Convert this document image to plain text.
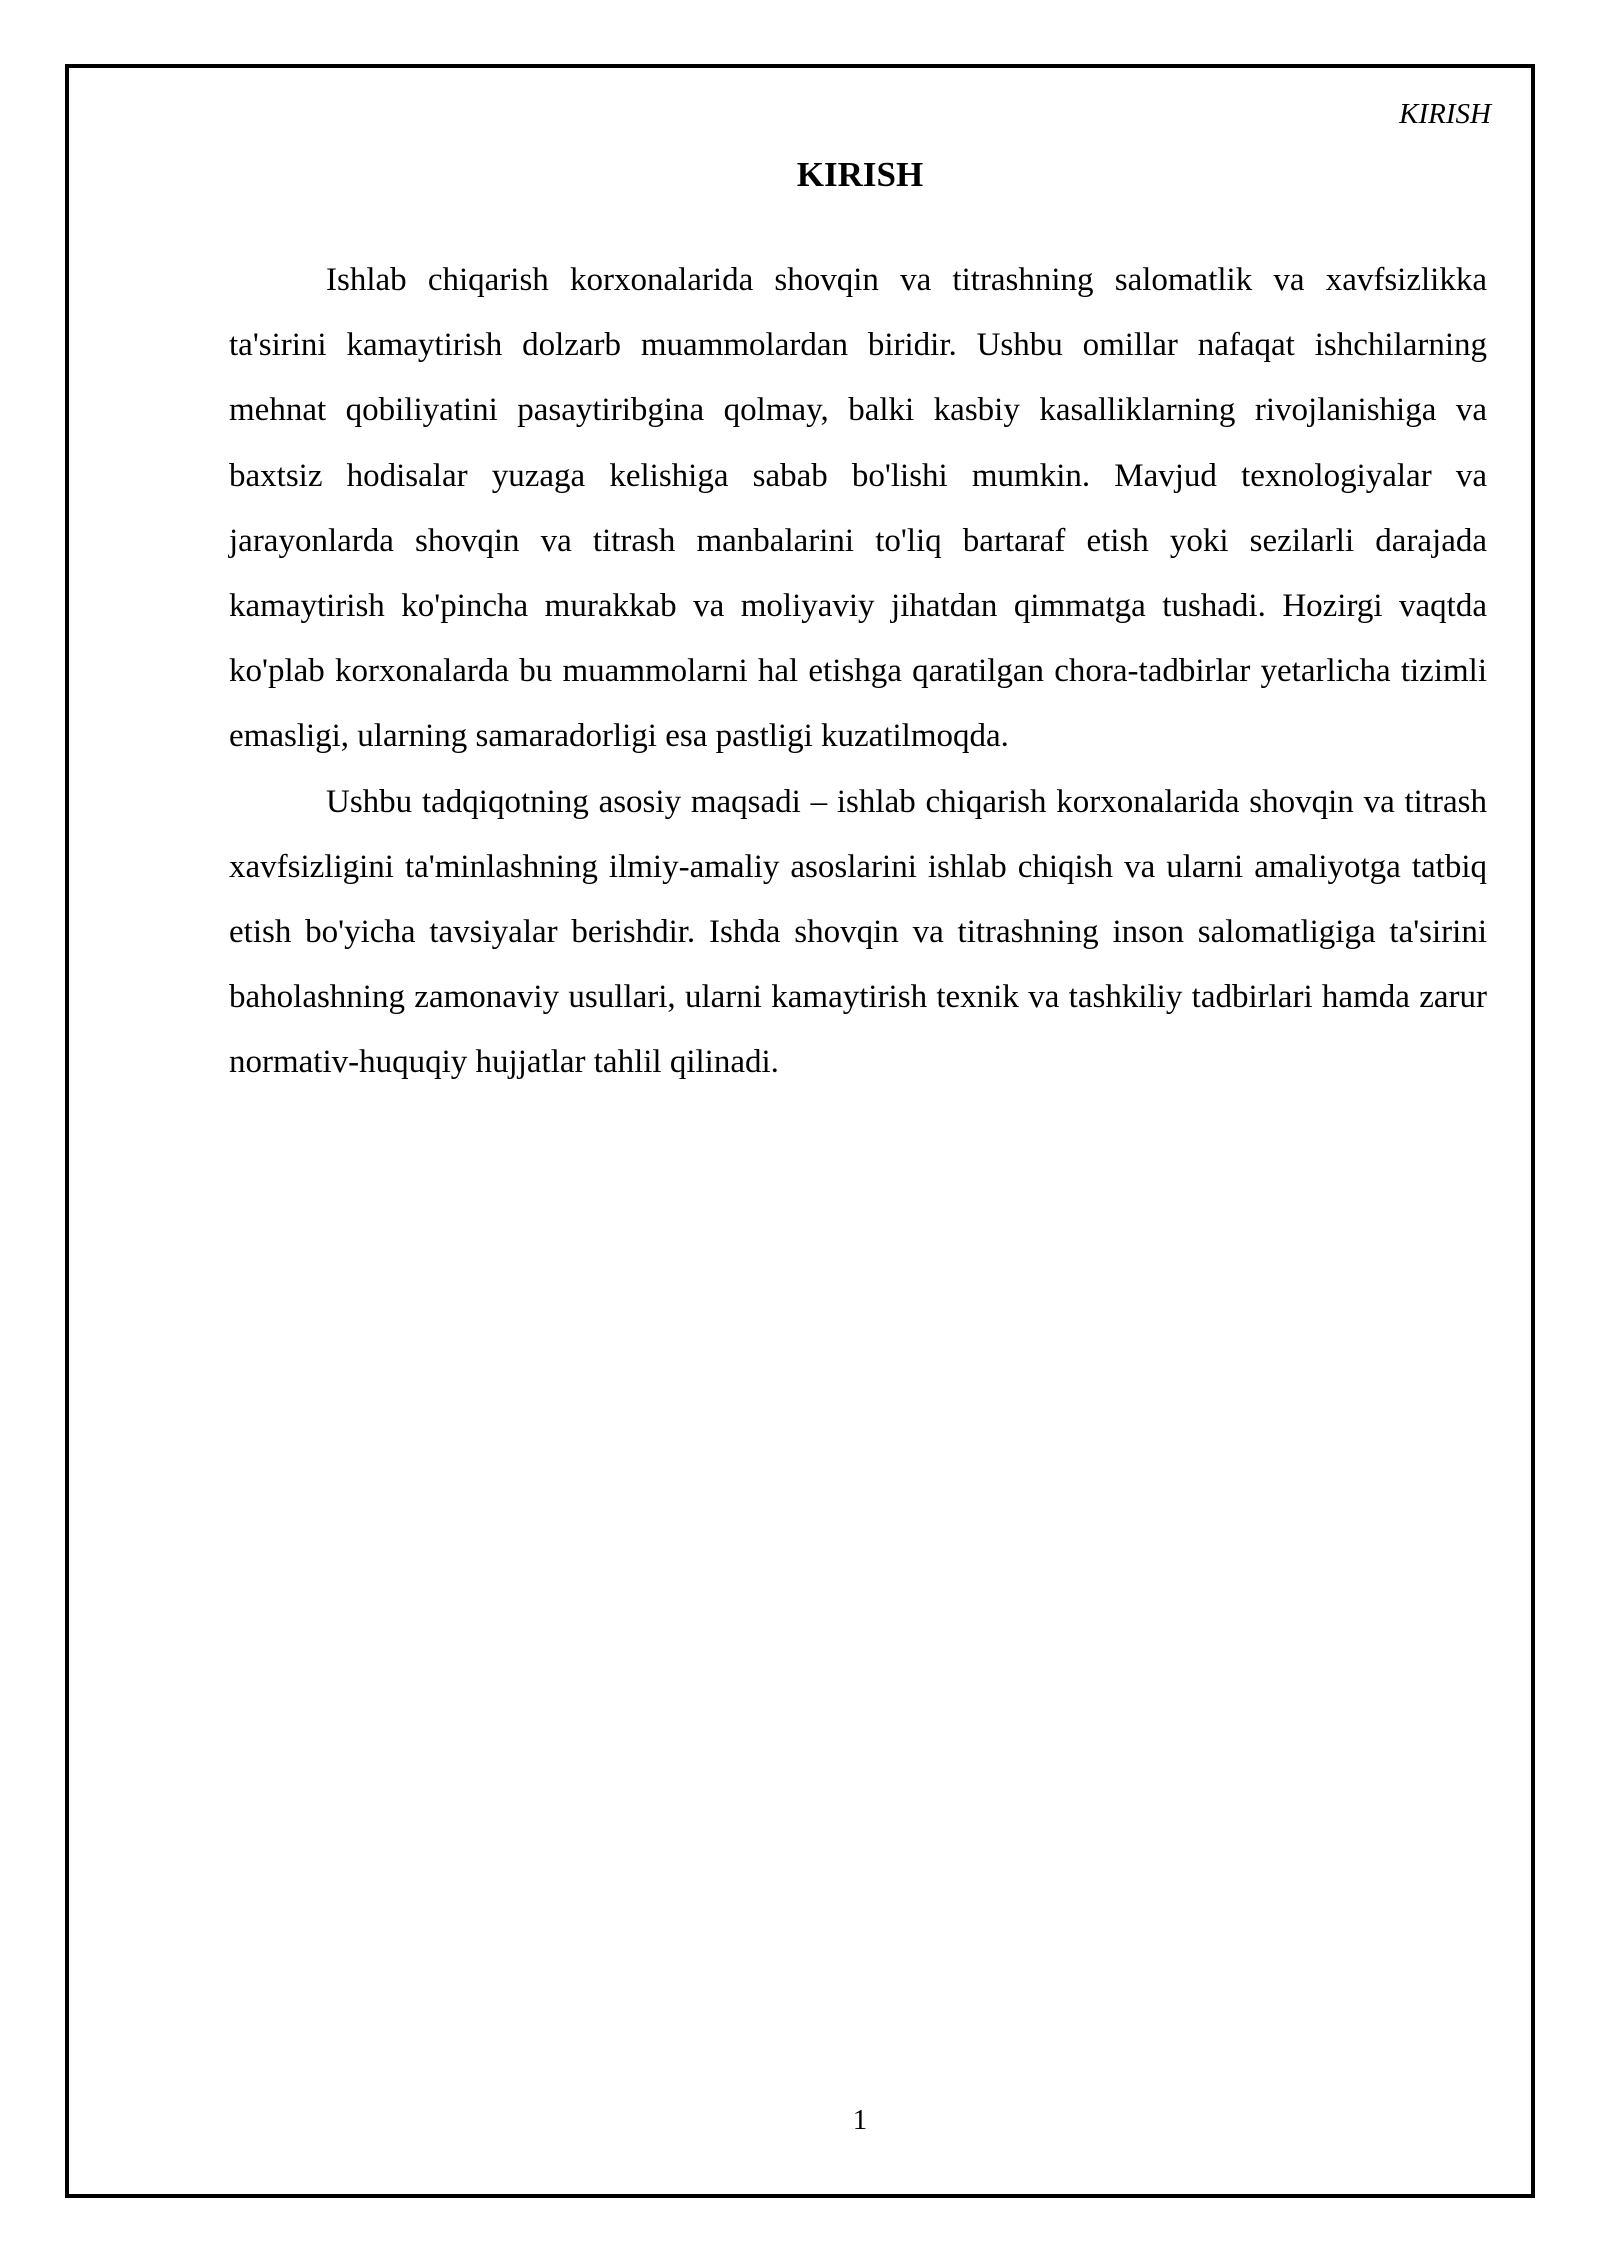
KIRISH
KIRISH

Ishlab chiqarish korxonalarida shovqin va titrashning salomatlik va xavfsizlikka ta'sirini kamaytirish dolzarb muammolardan biridir. Ushbu omillar nafaqat ishchilarning mehnat qobiliyatini pasaytiribgina qolmay, balki kasbiy kasalliklarning rivojlanishiga va baxtsiz hodisalar yuzaga kelishiga sabab bo'lishi mumkin. Mavjud texnologiyalar va jarayonlarda shovqin va titrash manbalarini to'liq bartaraf etish yoki sezilarli darajada kamaytirish ko'pincha murakkab va moliyaviy jihatdan qimmatga tushadi. Hozirgi vaqtda ko'plab korxonalarda bu muammolarni hal etishga qaratilgan chora-tadbirlar yetarlicha tizimli emasligi, ularning samaradorligi esa pastligi kuzatilmoqda.

Ushbu tadqiqotning asosiy maqsadi – ishlab chiqarish korxonalarida shovqin va titrash xavfsizligini ta'minlashning ilmiy-amaliy asoslarini ishlab chiqish va ularni amaliyotga tatbiq etish bo'yicha tavsiyalar berishdir. Ishda shovqin va titrashning inson salomatligiga ta'sirini baholashning zamonaviy usullari, ularni kamaytirish texnik va tashkiliy tadbirlari hamda zarur normativ-huquqiy hujjatlar tahlil qilinadi.

1
